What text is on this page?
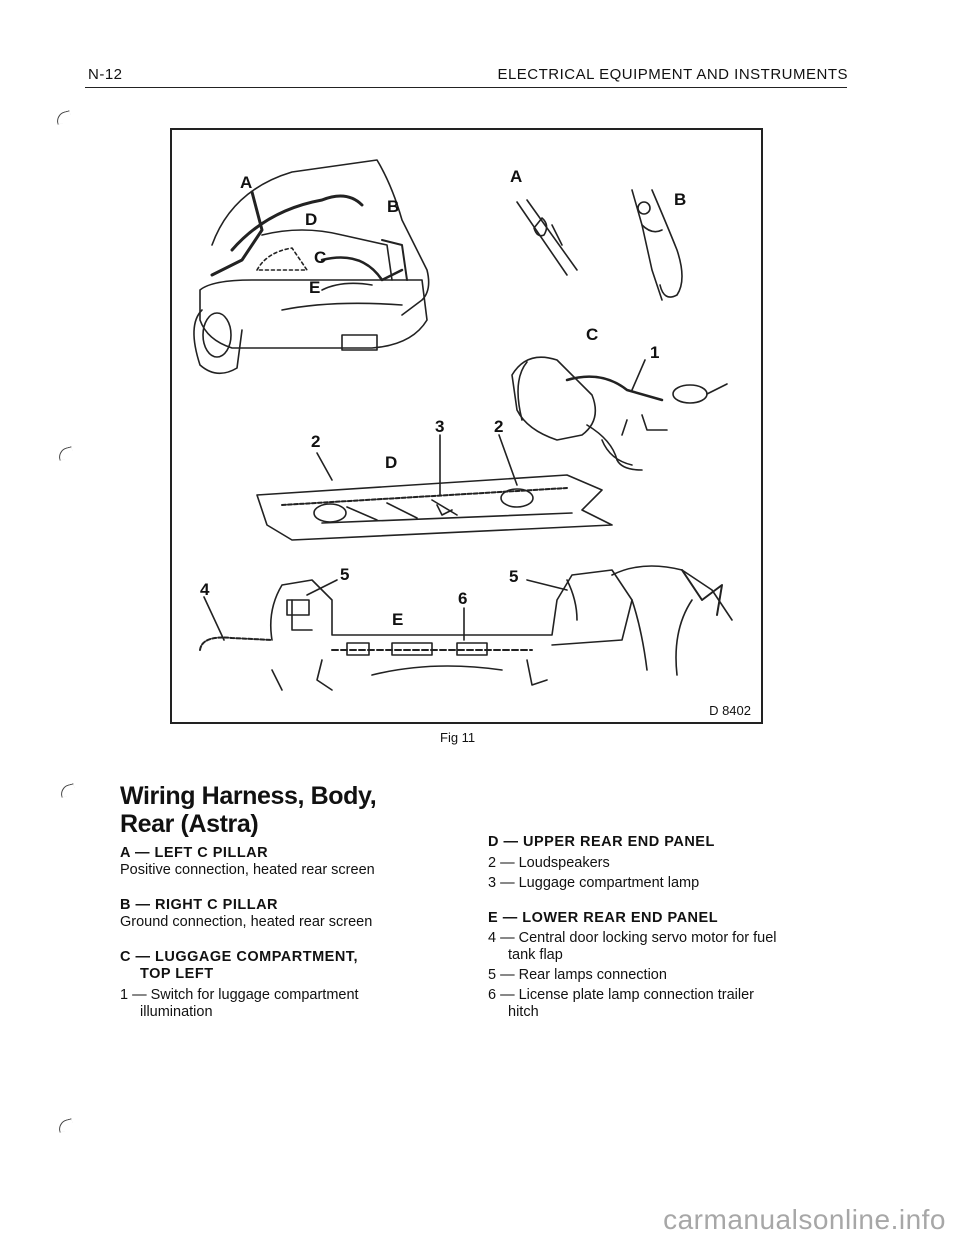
N-12	ELECTRICAL EQUIPMENT AND INSTRUMENTS
A
B
C
D
E
A
B
C
1
2
3	2
D
4
5
E
6
5
D 8402
Fig 11
Wiring Harness, Body,
Rear (Astra)
A — LEFT C PILLAR
Positive connection, heated rear screen
B — RIGHT C PILLAR
Ground connection, heated rear screen
C — LUGGAGE COMPARTMENT,
TOP LEFT
1 — Switch for luggage compartment
illumination
D — UPPER REAR END PANEL
2 — Loudspeakers
3 — Luggage compartment lamp
E — LOWER REAR END PANEL
4 — Central door locking servo motor for fuel
tank flap
5 — Rear lamps connection
6 — License plate lamp connection trailer
hitch
carmanualsonline.info
